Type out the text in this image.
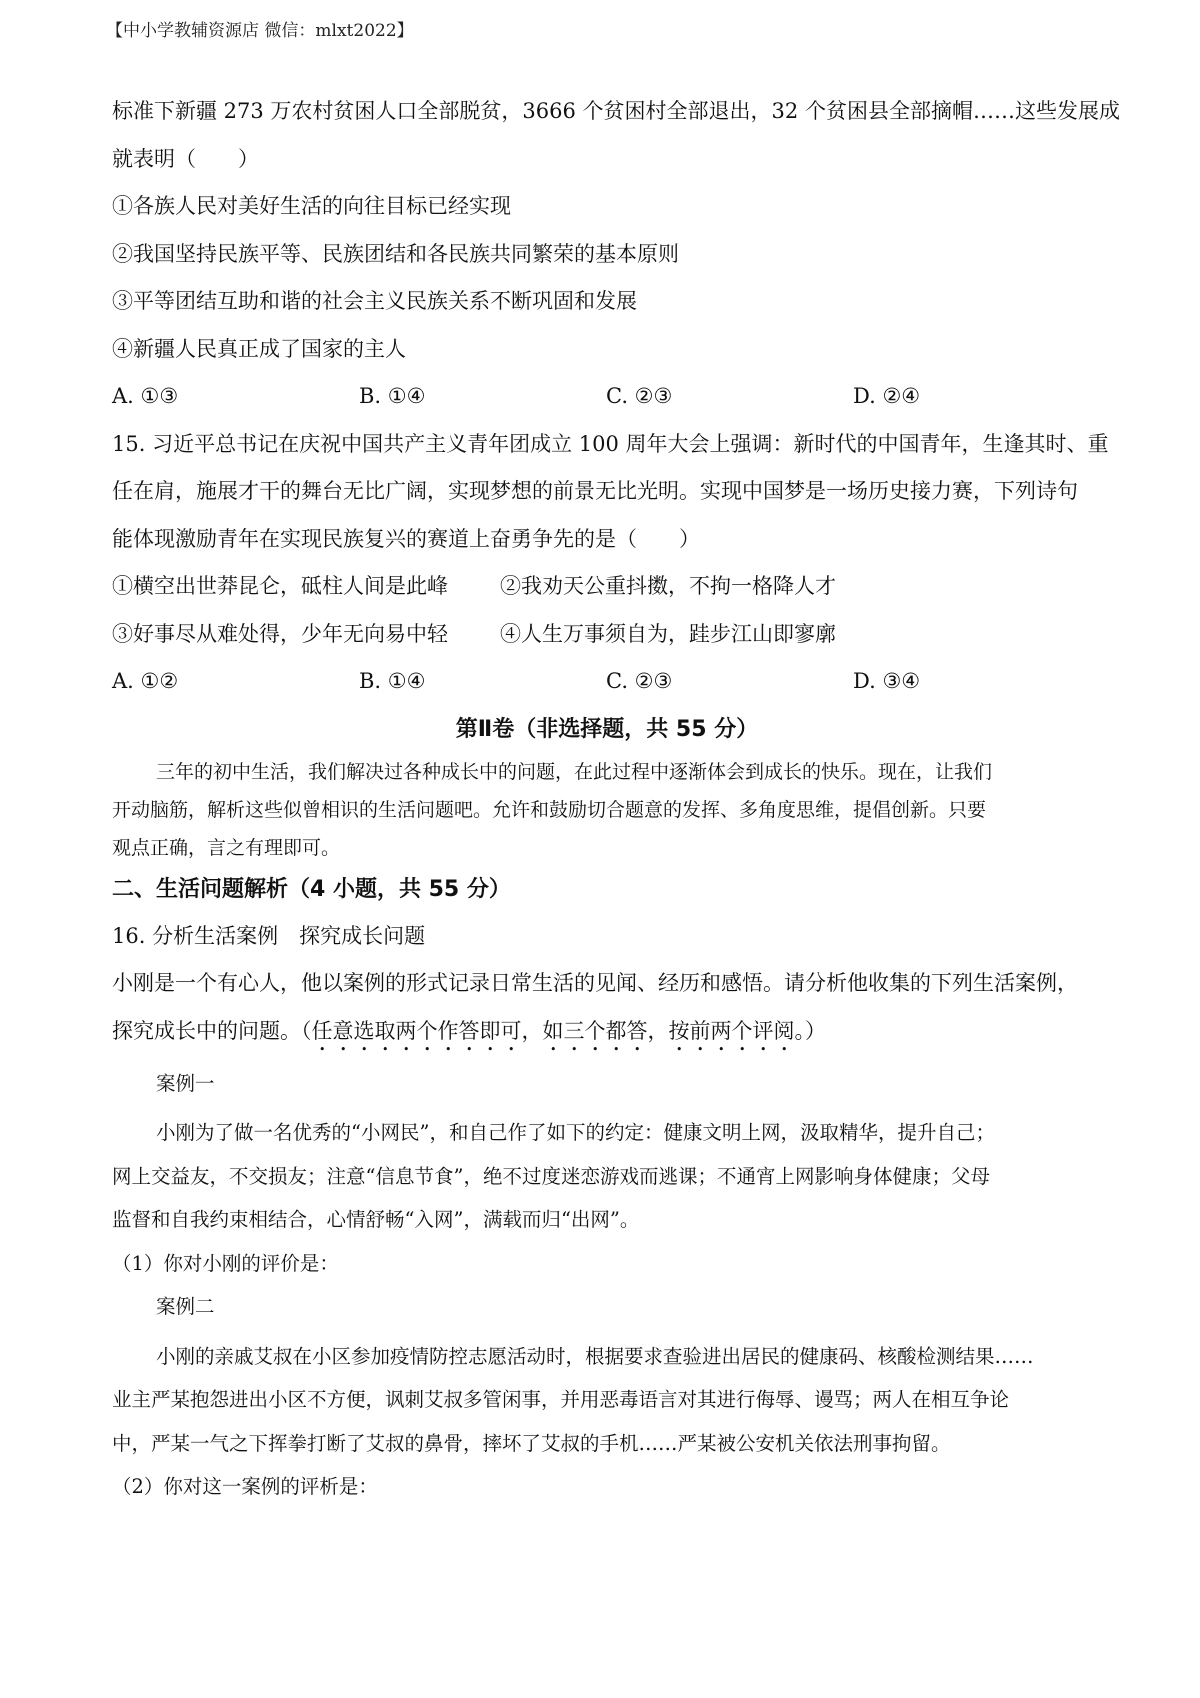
【中小学教辅资源店 微信：mlxt2022】
标准下新疆 273 万农村贫困人口全部脱贫，3666 个贫困村全部退出，32 个贫困县全部摘帽……这些发展成
就表明（　　）
①各族人民对美好生活的向往目标已经实现
②我国坚持民族平等、民族团结和各民族共同繁荣的基本原则
③平等团结互助和谐的社会主义民族关系不断巩固和发展
④新疆人民真正成了国家的主人
A. ①③	B. ①④	C. ②③	D. ②④
15. 习近平总书记在庆祝中国共产主义青年团成立 100 周年大会上强调：新时代的中国青年，生逢其时、重
任在肩，施展才干的舞台无比广阔，实现梦想的前景无比光明。实现中国梦是一场历史接力赛，下列诗句
能体现激励青年在实现民族复兴的赛道上奋勇争先的是（　　）
①横空出世莽昆仑，砥柱人间是此峰	②我劝天公重抖擞，不拘一格降人才
③好事尽从难处得，少年无向易中轻	④人生万事须自为，跬步江山即寥廓
A. ①②	B. ①④	C. ②③	D. ③④
第Ⅱ卷（非选择题，共 55 分）
三年的初中生活，我们解决过各种成长中的问题，在此过程中逐渐体会到成长的快乐。现在，让我们
开动脑筋，解析这些似曾相识的生活问题吧。允许和鼓励切合题意的发挥、多角度思维，提倡创新。只要
观点正确，言之有理即可。
二、生活问题解析（4 小题，共 55 分）
16. 分析生活案例　探究成长问题
小刚是一个有心人，他以案例的形式记录日常生活的见闻、经历和感悟。请分析他收集的下列生活案例，
探究成长中的问题。（任意选取两个作答即可，如三个都答，按前两个评阅。）
案例一
小刚为了做一名优秀的“小网民”，和自己作了如下的约定：健康文明上网，汲取精华，提升自己；
网上交益友，不交损友；注意“信息节食”，绝不过度迷恋游戏而逃课；不通宵上网影响身体健康；父母
监督和自我约束相结合，心情舒畅“入网”，满载而归“出网”。
（1）你对小刚的评价是：
案例二
小刚的亲戚艾叔在小区参加疫情防控志愿活动时，根据要求查验进出居民的健康码、核酸检测结果……
业主严某抱怨进出小区不方便，讽刺艾叔多管闲事，并用恶毒语言对其进行侮辱、谩骂；两人在相互争论
中，严某一气之下挥拳打断了艾叔的鼻骨，摔坏了艾叔的手机……严某被公安机关依法刑事拘留。
（2）你对这一案例的评析是：
